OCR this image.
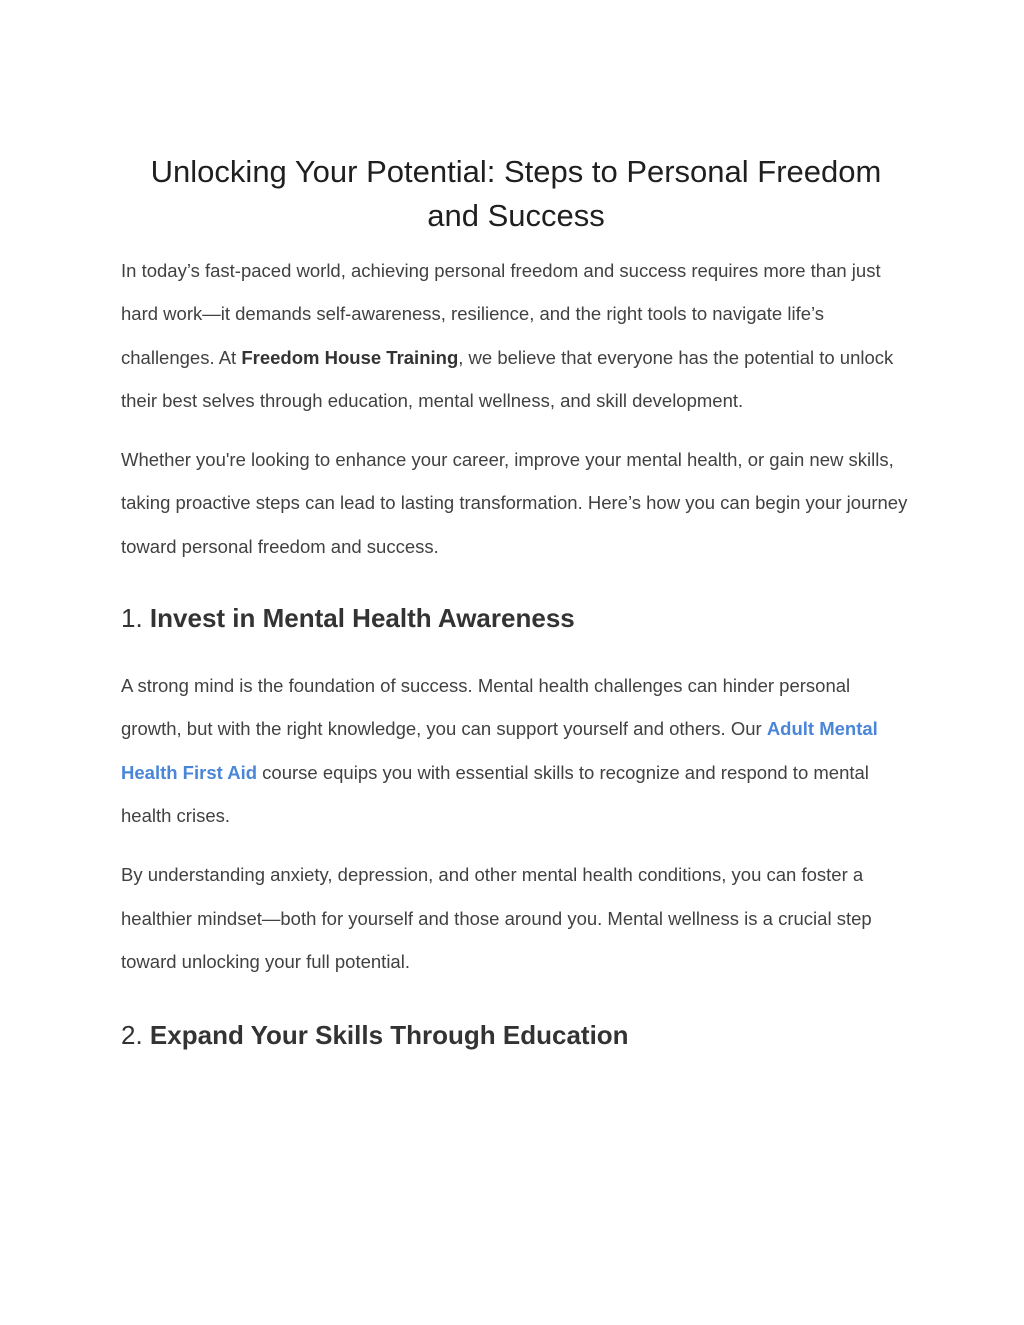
Unlocking Your Potential: Steps to Personal Freedom and Success

In today’s fast-paced world, achieving personal freedom and success requires more than just hard work—it demands self-awareness, resilience, and the right tools to navigate life’s challenges. At Freedom House Training, we believe that everyone has the potential to unlock their best selves through education, mental wellness, and skill development.

Whether you're looking to enhance your career, improve your mental health, or gain new skills, taking proactive steps can lead to lasting transformation. Here’s how you can begin your journey toward personal freedom and success.

1. Invest in Mental Health Awareness

A strong mind is the foundation of success. Mental health challenges can hinder personal growth, but with the right knowledge, you can support yourself and others. Our Adult Mental Health First Aid course equips you with essential skills to recognize and respond to mental health crises.

By understanding anxiety, depression, and other mental health conditions, you can foster a healthier mindset—both for yourself and those around you. Mental wellness is a crucial step toward unlocking your full potential.

2. Expand Your Skills Through Education
